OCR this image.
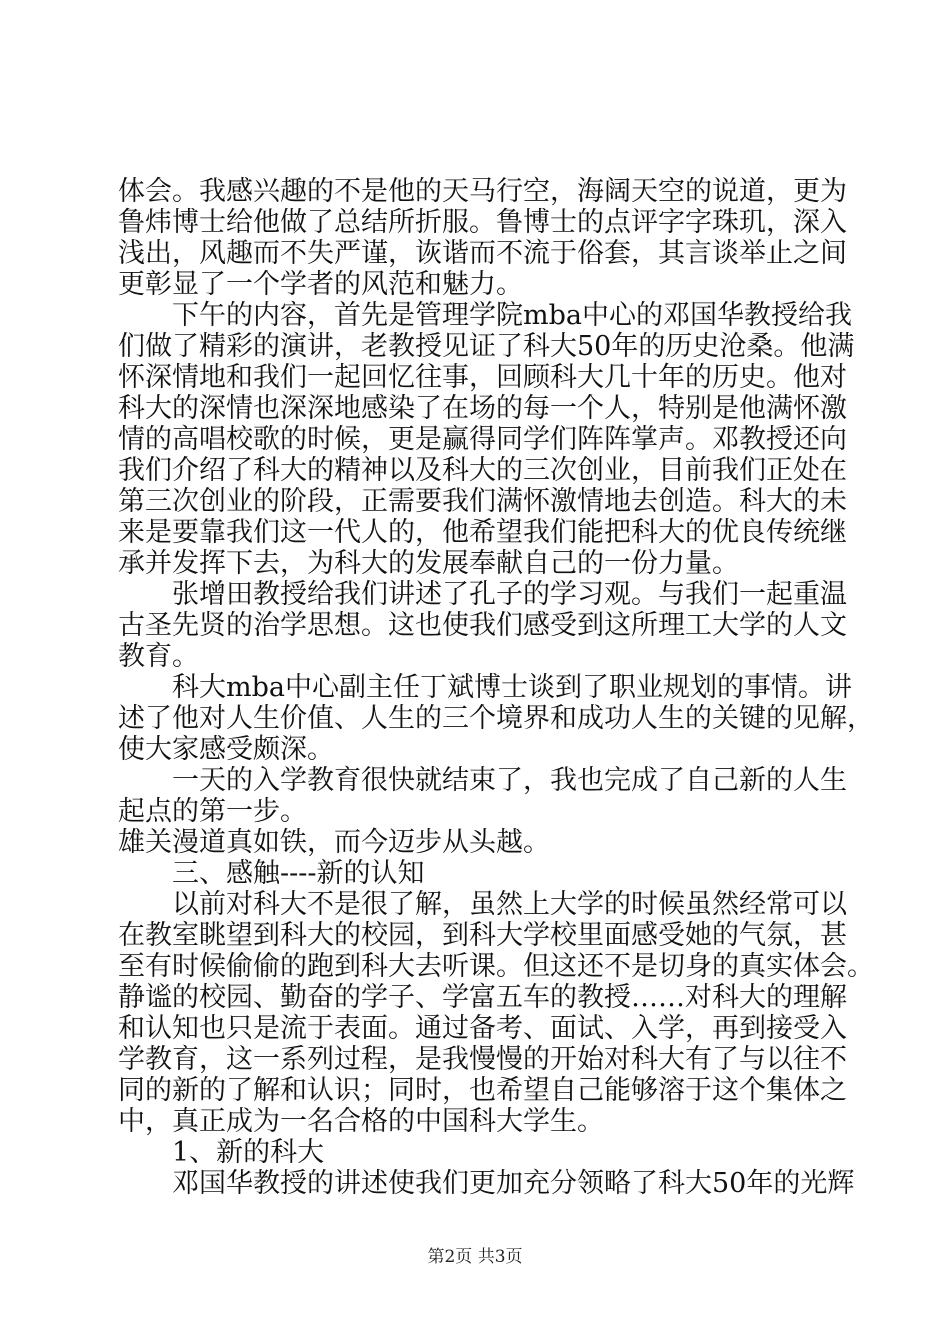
体会。我感兴趣的不是他的天马行空，海阔天空的说道，更为
鲁炜博士给他做了总结所折服。鲁博士的点评字字珠玑，深入
浅出，风趣而不失严谨，诙谐而不流于俗套，其言谈举止之间
更彰显了一个学者的风范和魅力。
下午的内容，首先是管理学院mba中心的邓国华教授给我
们做了精彩的演讲，老教授见证了科大50年的历史沧桑。他满
怀深情地和我们一起回忆往事，回顾科大几十年的历史。他对
科大的深情也深深地感染了在场的每一个人，特别是他满怀激
情的高唱校歌的时候，更是赢得同学们阵阵掌声。邓教授还向
我们介绍了科大的精神以及科大的三次创业，目前我们正处在
第三次创业的阶段，正需要我们满怀激情地去创造。科大的未
来是要靠我们这一代人的，他希望我们能把科大的优良传统继
承并发挥下去，为科大的发展奉献自己的一份力量。
张增田教授给我们讲述了孔子的学习观。与我们一起重温
古圣先贤的治学思想。这也使我们感受到这所理工大学的人文
教育。
科大mba中心副主任丁斌博士谈到了职业规划的事情。讲
述了他对人生价值、人生的三个境界和成功人生的关键的见解，
使大家感受颇深。
一天的入学教育很快就结束了，我也完成了自己新的人生
起点的第一步。
雄关漫道真如铁，而今迈步从头越。
三、感触----新的认知
以前对科大不是很了解，虽然上大学的时候虽然经常可以
在教室眺望到科大的校园，到科大学校里面感受她的气氛，甚
至有时候偷偷的跑到科大去听课。但这还不是切身的真实体会。
静谧的校园、勤奋的学子、学富五车的教授……对科大的理解
和认知也只是流于表面。通过备考、面试、入学，再到接受入
学教育，这一系列过程，是我慢慢的开始对科大有了与以往不
同的新的了解和认识；同时，也希望自己能够溶于这个集体之
中，真正成为一名合格的中国科大学生。
1、新的科大
邓国华教授的讲述使我们更加充分领略了科大50年的光辉
第2页 共3页
